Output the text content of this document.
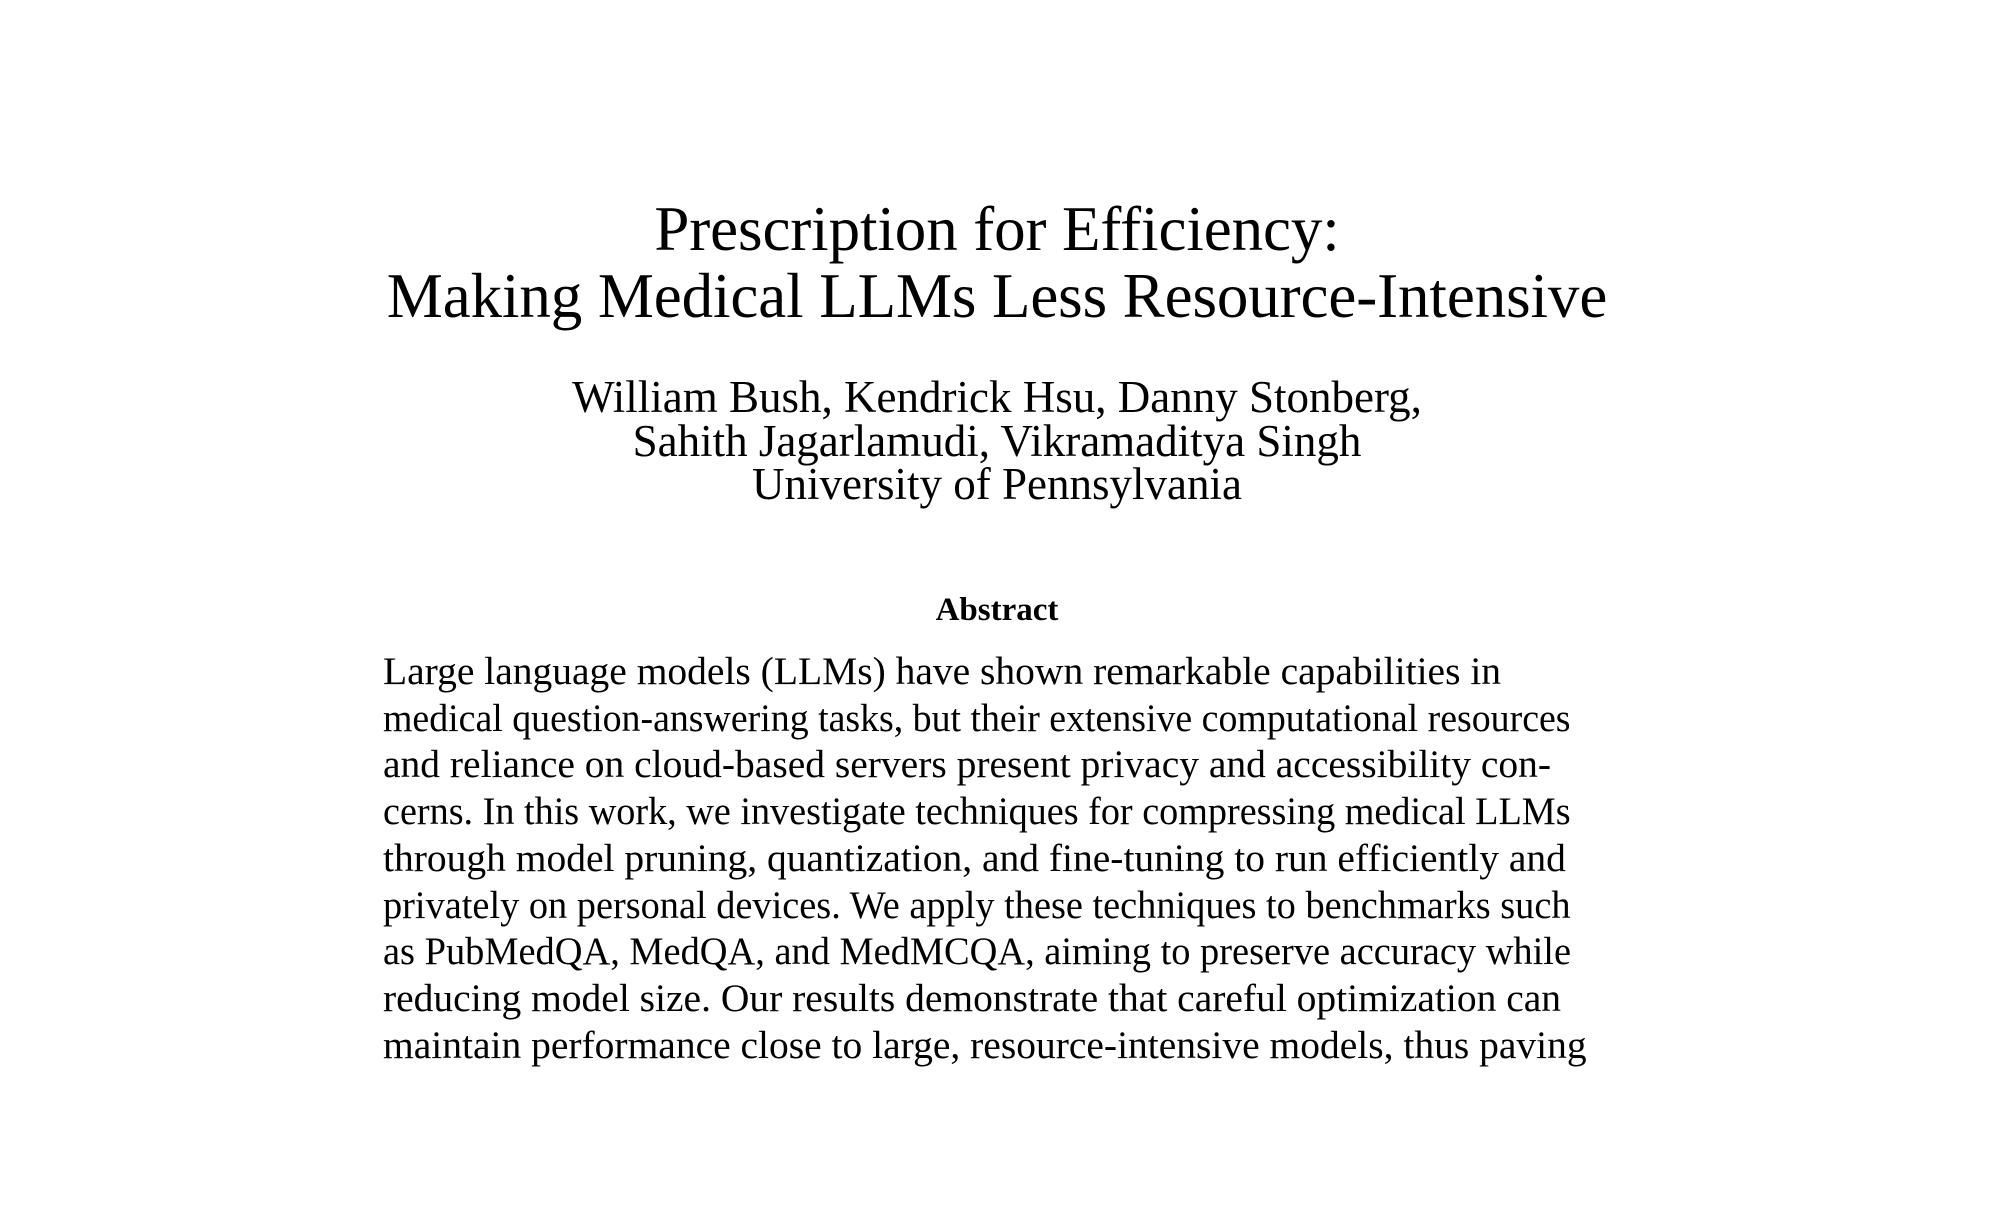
Prescription for Efficiency:
Making Medical LLMs Less Resource-Intensive
William Bush, Kendrick Hsu, Danny Stonberg,
Sahith Jagarlamudi, Vikramaditya Singh
University of Pennsylvania
Abstract
Large language models (LLMs) have shown remarkable capabilities in
medical question-answering tasks, but their extensive computational resources
and reliance on cloud-based servers present privacy and accessibility con-
cerns. In this work, we investigate techniques for compressing medical LLMs
through model pruning, quantization, and fine-tuning to run efficiently and
privately on personal devices. We apply these techniques to benchmarks such as PubMedQA, MedQA, and MedMCQA, aiming to preserve accuracy while
reducing model size. Our results demonstrate that careful optimization can
maintain performance close to large, resource-intensive models, thus paving
